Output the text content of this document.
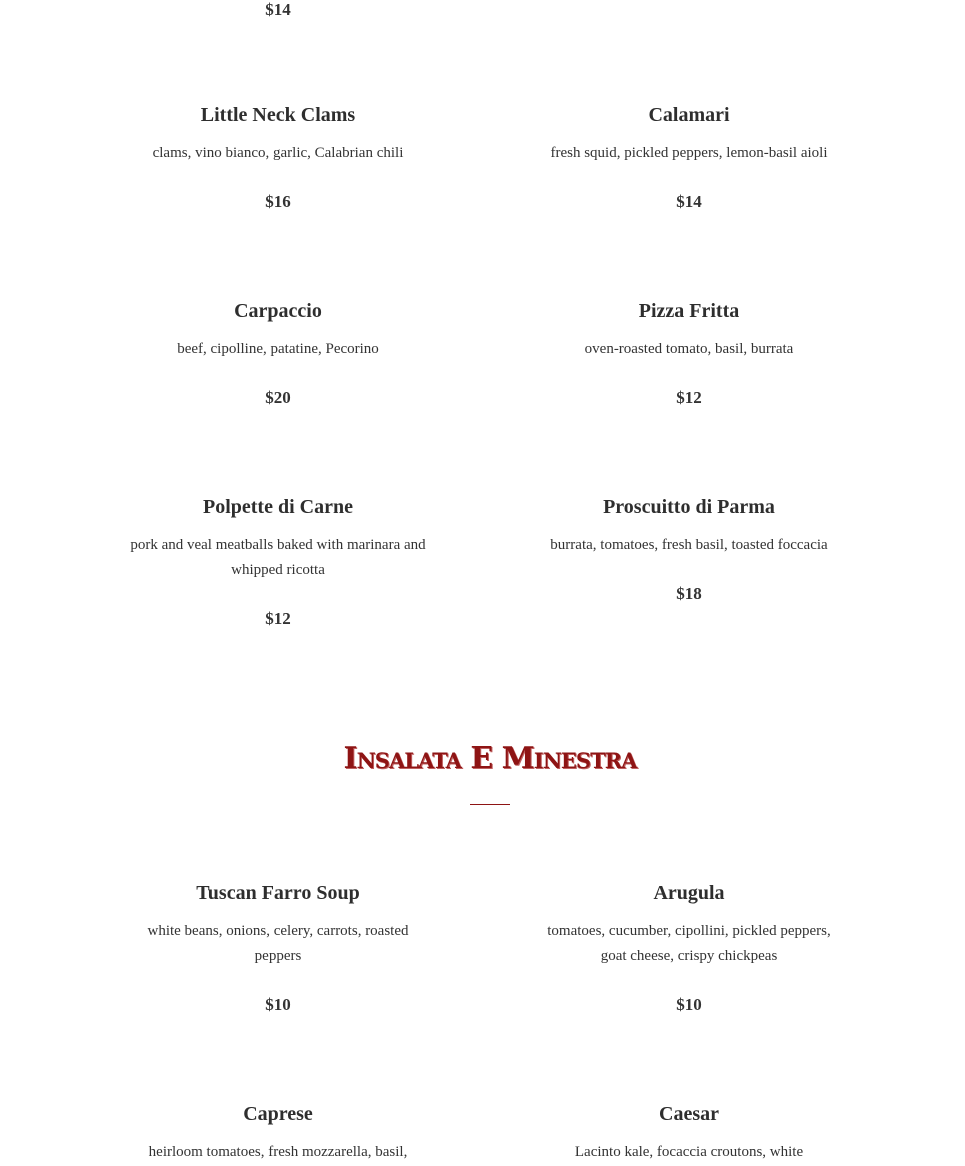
$14

Little Neck Clams

clams, vino bianco, garlic, Calabrian chili

$16

Calamari

fresh squid, pickled peppers, lemon-basil aioli

$14

Carpaccio

beef, cipolline, patatine, Pecorino

$20

Pizza Fritta

oven-roasted tomato, basil, burrata

$12

Polpette di Carne

pork and veal meatballs baked with marinara and whipped ricotta

$12

Proscuitto di Parma

burrata, tomatoes, fresh basil, toasted foccacia

$18

Insalata E Minestra

Tuscan Farro Soup

white beans, onions, celery, carrots, roasted peppers

$10

Arugula

tomatoes, cucumber, cipollini, pickled peppers, goat cheese, crispy chickpeas

$10

Caprese

heirloom tomatoes, fresh mozzarella, basil,

Caesar

Lacinto kale, focaccia croutons, white
